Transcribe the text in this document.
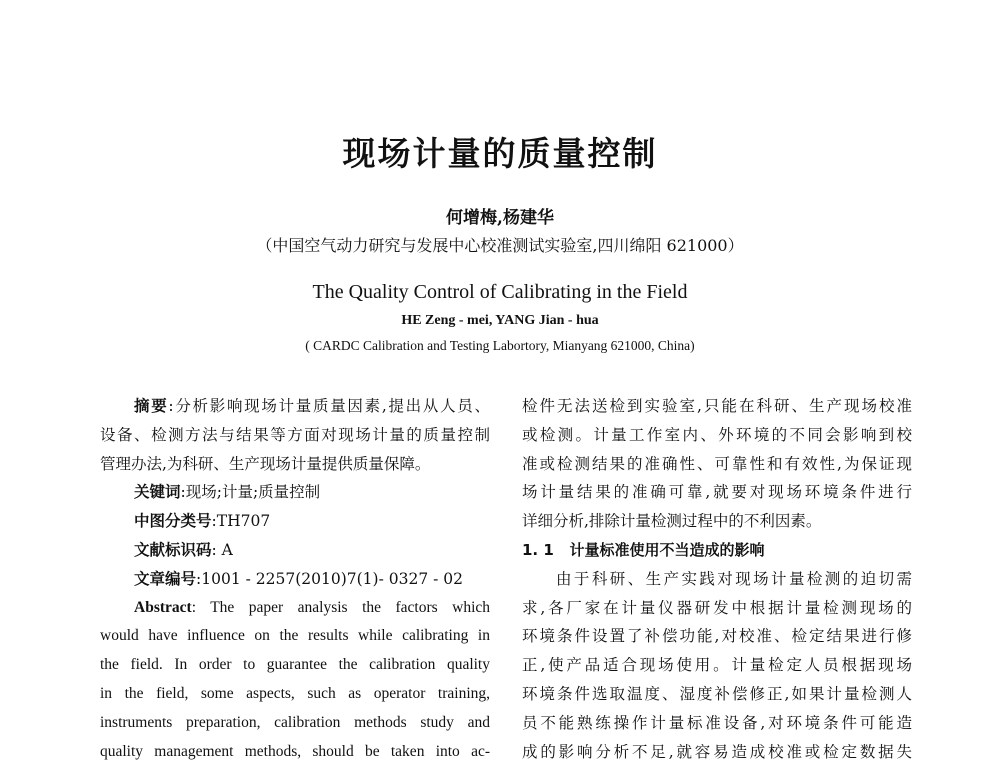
现场计量的质量控制
何增梅,杨建华
（中国空气动力研究与发展中心校准测试实验室,四川绵阳 621000）
The Quality Control of Calibrating in the Field
HE Zeng - mei, YANG Jian - hua
( CARDC Calibration and Testing Labortory, Mianyang 621000, China)
摘要:分析影响现场计量质量因素,提出从人员、
设备、检测方法与结果等方面对现场计量的质量控制
管理办法,为科研、生产现场计量提供质量保障。
关键词:现场;计量;质量控制
中图分类号:TH707
文献标识码: A
文章编号:1001 - 2257(2010)7(1)- 0327 - 02
Abstract: The paper analysis the factors which
would have influence on the results while calibrating in
the field. In order to guarantee the calibration quality
in the field, some aspects, such as operator training,
instruments preparation, calibration methods study and
quality management methods, should be taken into ac-
检件无法送检到实验室,只能在科研、生产现场校准
或检测。计量工作室内、外环境的不同会影响到校
准或检测结果的准确性、可靠性和有效性,为保证现
场计量结果的准确可靠,就要对现场环境条件进行
详细分析,排除计量检测过程中的不利因素。
1. 1 计量标准使用不当造成的影响
由于科研、生产实践对现场计量检测的迫切需
求,各厂家在计量仪器研发中根据计量检测现场的
环境条件设置了补偿功能,对校准、检定结果进行修
正,使产品适合现场使用。计量检定人员根据现场
环境条件选取温度、湿度补偿修正,如果计量检测人
员不能熟练操作计量标准设备,对环境条件可能造
成的影响分析不足,就容易造成校准或检定数据失
